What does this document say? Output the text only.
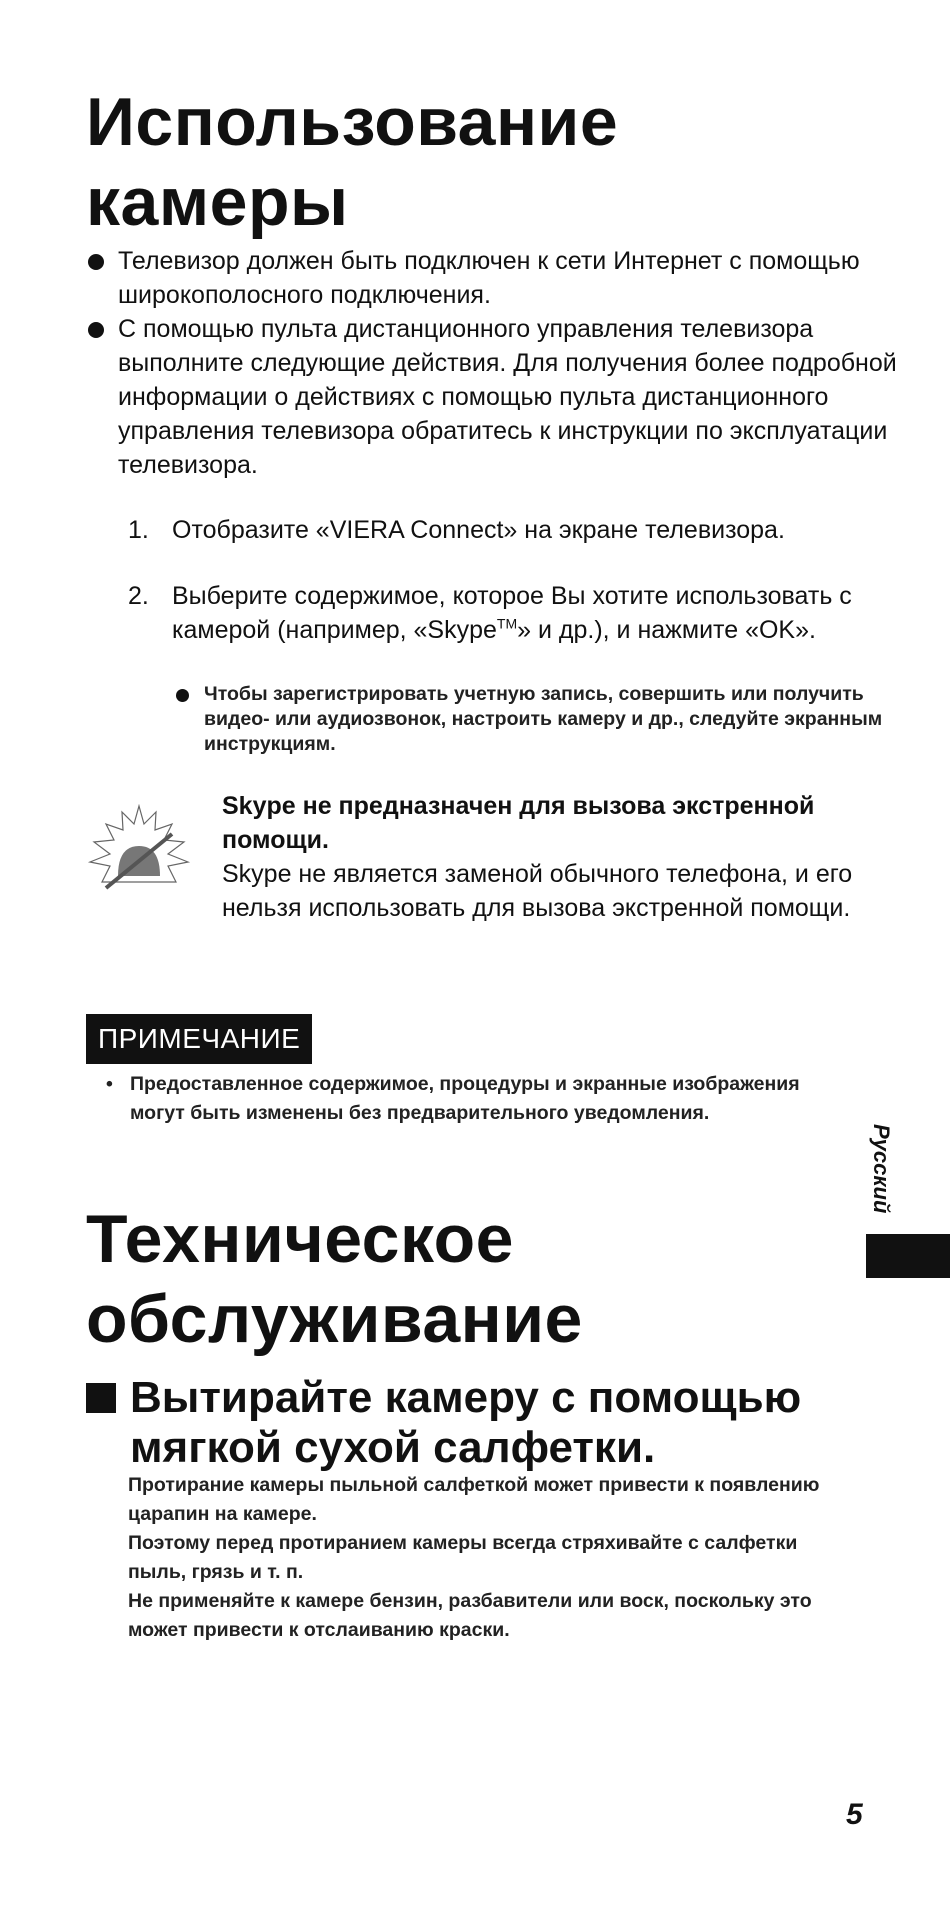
Использование
камеры
Телевизор должен быть подключен к сети Интернет с помощью широкополосного подключения.
С помощью пульта дистанционного управления телевизора выполните следующие действия. Для получения более подробной информации о действиях с помощью пульта дистанционного управления телевизора обратитесь к инструкции по эксплуатации телевизора.
1. Отобразите «VIERA Connect» на экране телевизора.
2. Выберите содержимое, которое Вы хотите использовать с камерой (например, «Skype™» и др.), и нажмите «OK».
Чтобы зарегистрировать учетную запись, совершить или получить видео- или аудиозвонок, настроить камеру и др., следуйте экранным инструкциям.
Skype не предназначен для вызова экстренной помощи.
Skype не является заменой обычного телефона, и его нельзя использовать для вызова экстренной помощи.
ПРИМЕЧАНИЕ
• Предоставленное содержимое, процедуры и экранные изображения могут быть изменены без предварительного уведомления.
Русский
Техническое
обслуживание
Вытирайте камеру с помощью мягкой сухой салфетки.
Протирание камеры пыльной салфеткой может привести к появлению царапин на камере.
Поэтому перед протиранием камеры всегда стряхивайте с салфетки пыль, грязь и т. п.
Не применяйте к камере бензин, разбавители или воск, поскольку это может привести к отслаиванию краски.
5
